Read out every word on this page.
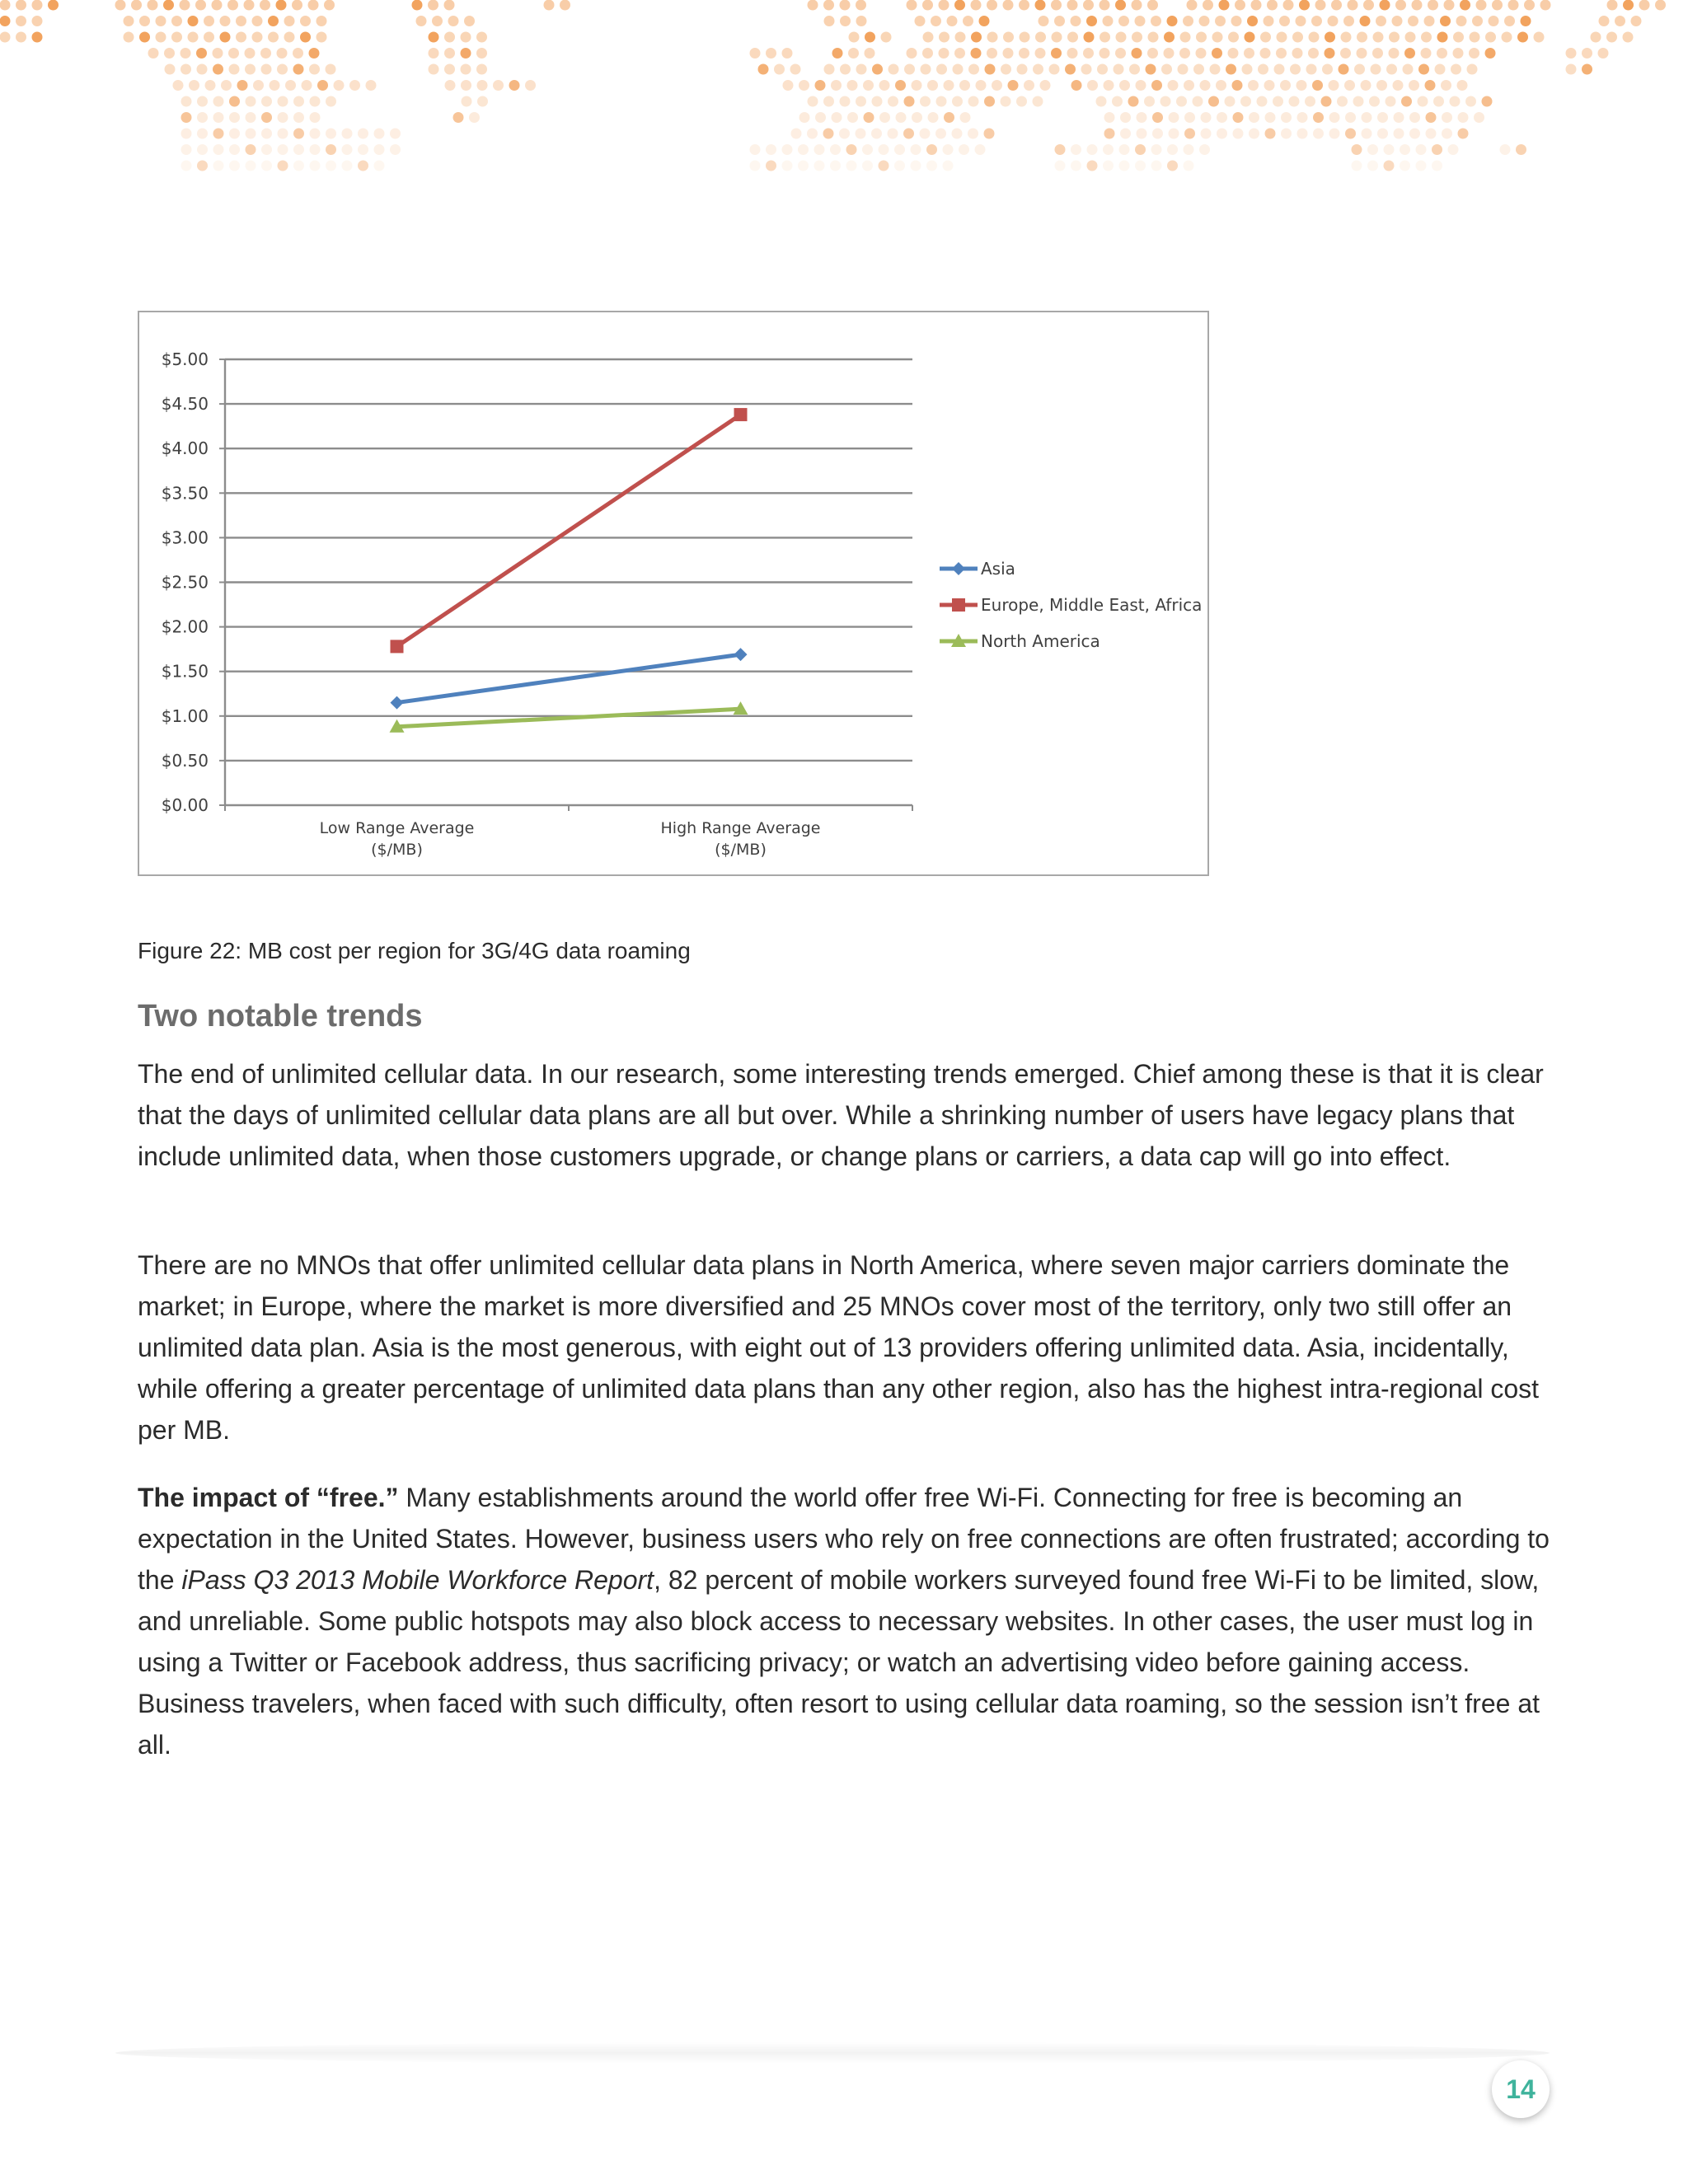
$0.00
$0.50
$1.00
$1.50
$2.00
$2.50
$3.00
$3.50
$4.00
$4.50
$5.00
Low Range Average ($/MB)
High Range Average ($/MB)
Asia
Europe, Middle East, Africa
North America
Figure 22: MB cost per region for 3G/4G data roaming
Two notable trends

The end of unlimited cellular data. In our research, some interesting trends emerged. Chief among these is that it is clear that the days of unlimited cellular data plans are all but over. While a shrinking number of users have legacy plans that include unlimited data, when those customers upgrade, or change plans or carriers, a data cap will go into effect.

There are no MNOs that offer unlimited cellular data plans in North America, where seven major carriers dominate the market; in Europe, where the market is more diversified and 25 MNOs cover most of the territory, only two still offer an unlimited data plan. Asia is the most generous, with eight out of 13 providers offering unlimited data. Asia, incidentally, while offering a greater percentage of unlimited data plans than any other region, also has the highest intra-regional cost per MB.

The impact of “free.” Many establishments around the world offer free Wi-Fi. Connecting for free is becoming an expectation in the United States. However, business users who rely on free connections are often frustrated; according to the iPass Q3 2013 Mobile Workforce Report, 82 percent of mobile workers surveyed found free Wi-Fi to be limited, slow, and unreliable. Some public hotspots may also block access to necessary websites. In other cases, the user must log in using a Twitter or Facebook address, thus sacrificing privacy; or watch an advertising video before gaining access. Business travelers, when faced with such difficulty, often resort to using cellular data roaming, so the session isn’t free at all.

14
